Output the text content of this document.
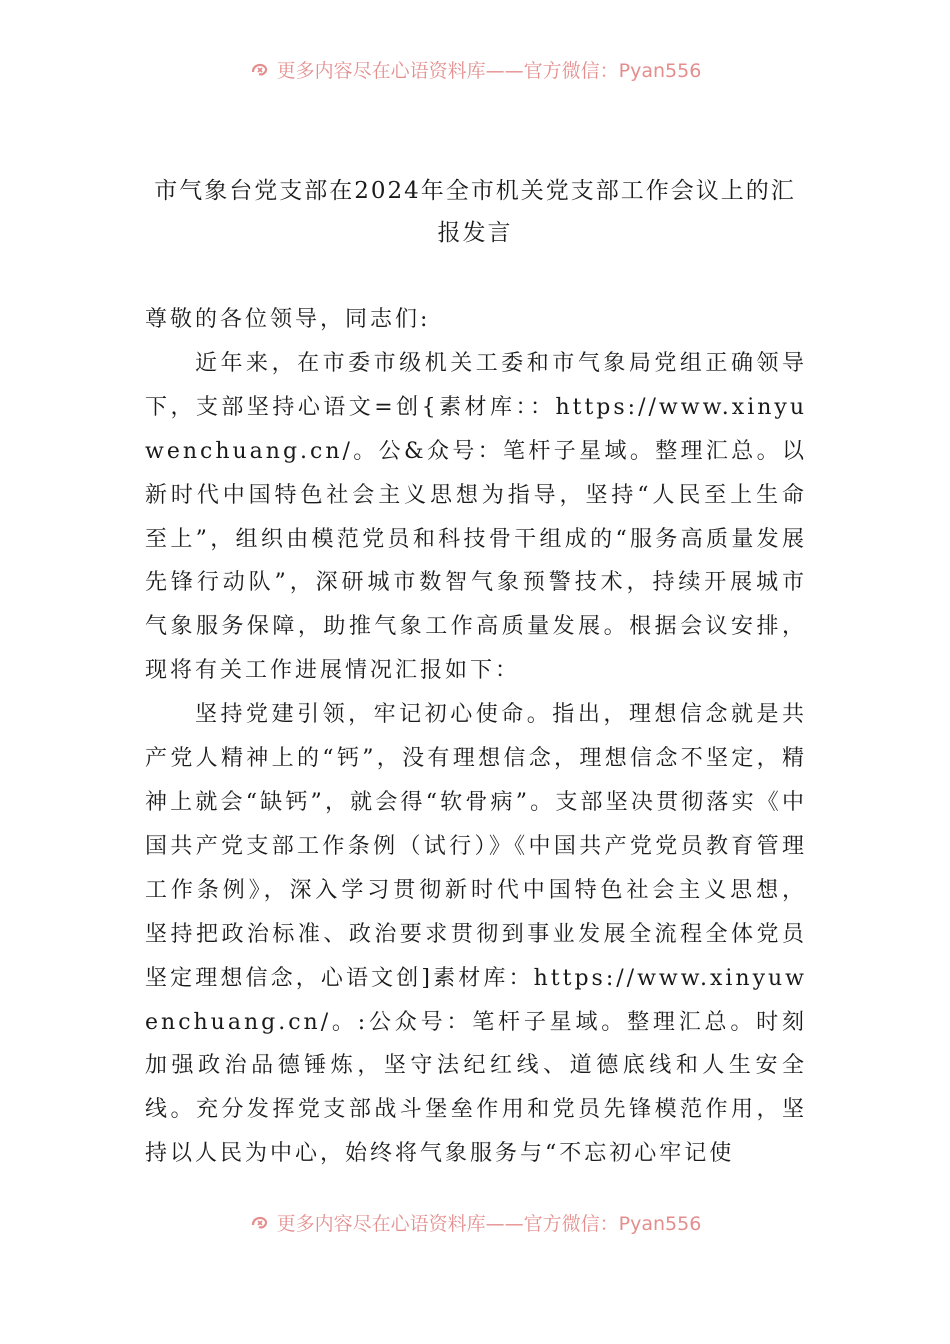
更多内容尽在心语资料库——官方微信：Pyan556
市气象台党支部在2024年全市机关党支部工作会议上的汇报发言

尊敬的各位领导，同志们:

近年来，在市委市级机关工委和市气象局党组正确领导下，支部坚持心语文=创{素材库：：https://www.xinyuwenchuang.cn/。公&众号：笔杆子星域。整理汇总。以新时代中国特色社会主义思想为指导，坚持“人民至上生命至上”，组织由模范党员和科技骨干组成的“服务高质量发展先锋行动队”，深研城市数智气象预警技术，持续开展城市气象服务保障，助推气象工作高质量发展。根据会议安排，现将有关工作进展情况汇报如下：

坚持党建引领，牢记初心使命。指出，理想信念就是共产党人精神上的“钙”，没有理想信念，理想信念不坚定，精神上就会“缺钙”，就会得“软骨病”。支部坚决贯彻落实《中国共产党支部工作条例（试行）》《中国共产党党员教育管理工作条例》，深入学习贯彻新时代中国特色社会主义思想，坚持把政治标准、政治要求贯彻到事业发展全流程全体党员坚定理想信念，心语文创]素材库：https://www.xinyuwenchuang.cn/。:公众号：笔杆子星域。整理汇总。时刻加强政治品德锤炼，坚守法纪红线、道德底线和人生安全线。充分发挥党支部战斗堡垒作用和党员先锋模范作用，坚持以人民为中心，始终将气象服务与“不忘初心牢记使

更多内容尽在心语资料库——官方微信：Pyan556
